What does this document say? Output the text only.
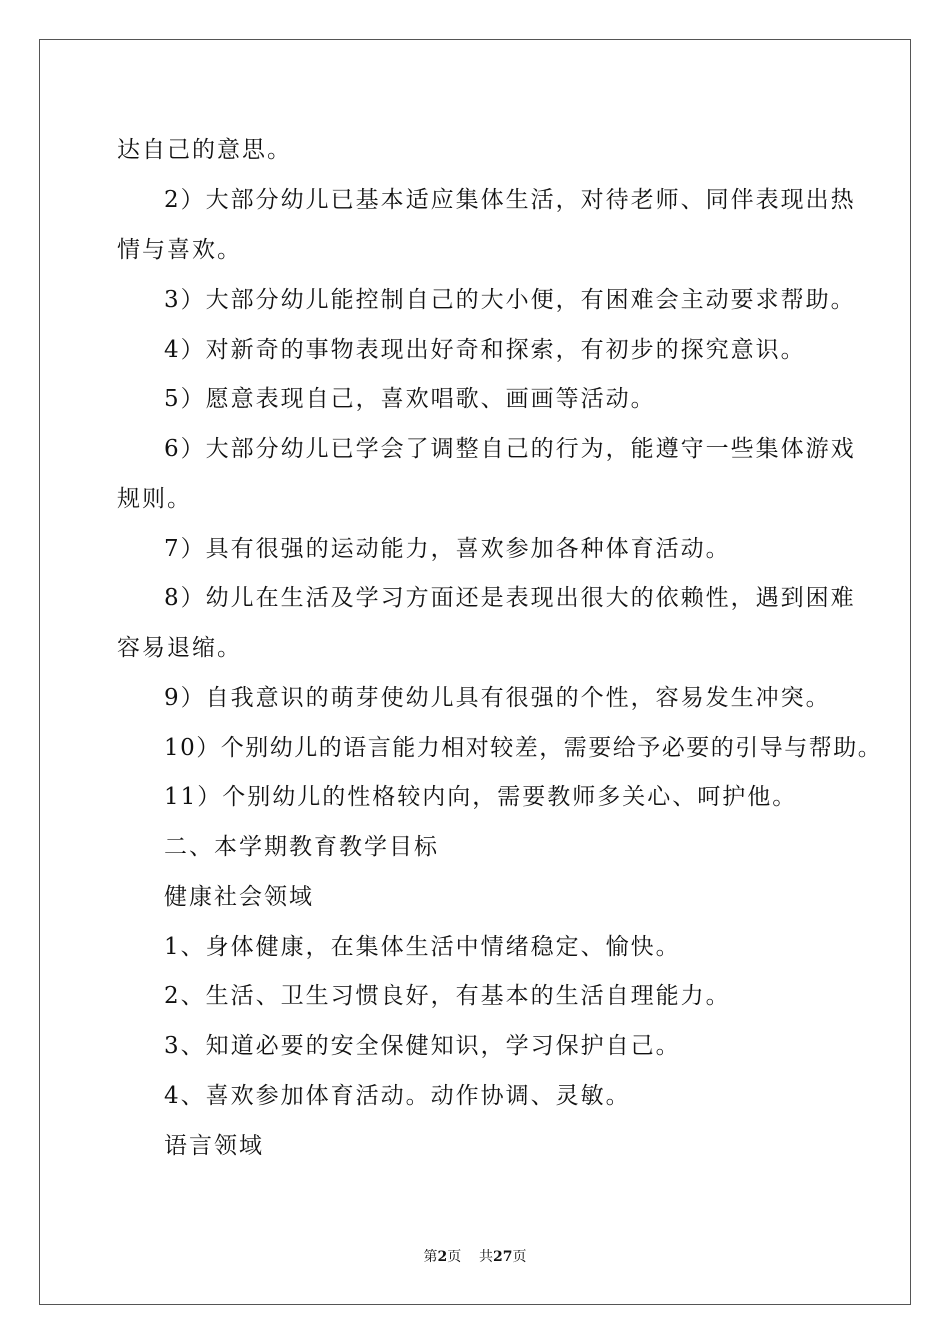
达自己的意思。
2）大部分幼儿已基本适应集体生活，对待老师、同伴表现出热
情与喜欢。
3）大部分幼儿能控制自己的大小便，有困难会主动要求帮助。
4）对新奇的事物表现出好奇和探索，有初步的探究意识。
5）愿意表现自己，喜欢唱歌、画画等活动。
6）大部分幼儿已学会了调整自己的行为，能遵守一些集体游戏
规则。
7）具有很强的运动能力，喜欢参加各种体育活动。
8）幼儿在生活及学习方面还是表现出很大的依赖性，遇到困难
容易退缩。
9）自我意识的萌芽使幼儿具有很强的个性，容易发生冲突。
10）个别幼儿的语言能力相对较差，需要给予必要的引导与帮助。
11）个别幼儿的性格较内向，需要教师多关心、呵护他。
二、本学期教育教学目标
健康社会领域
1、身体健康，在集体生活中情绪稳定、愉快。
2、生活、卫生习惯良好，有基本的生活自理能力。
3、知道必要的安全保健知识，学习保护自己。
4、喜欢参加体育活动。动作协调、灵敏。
语言领域
第2页    共27页
